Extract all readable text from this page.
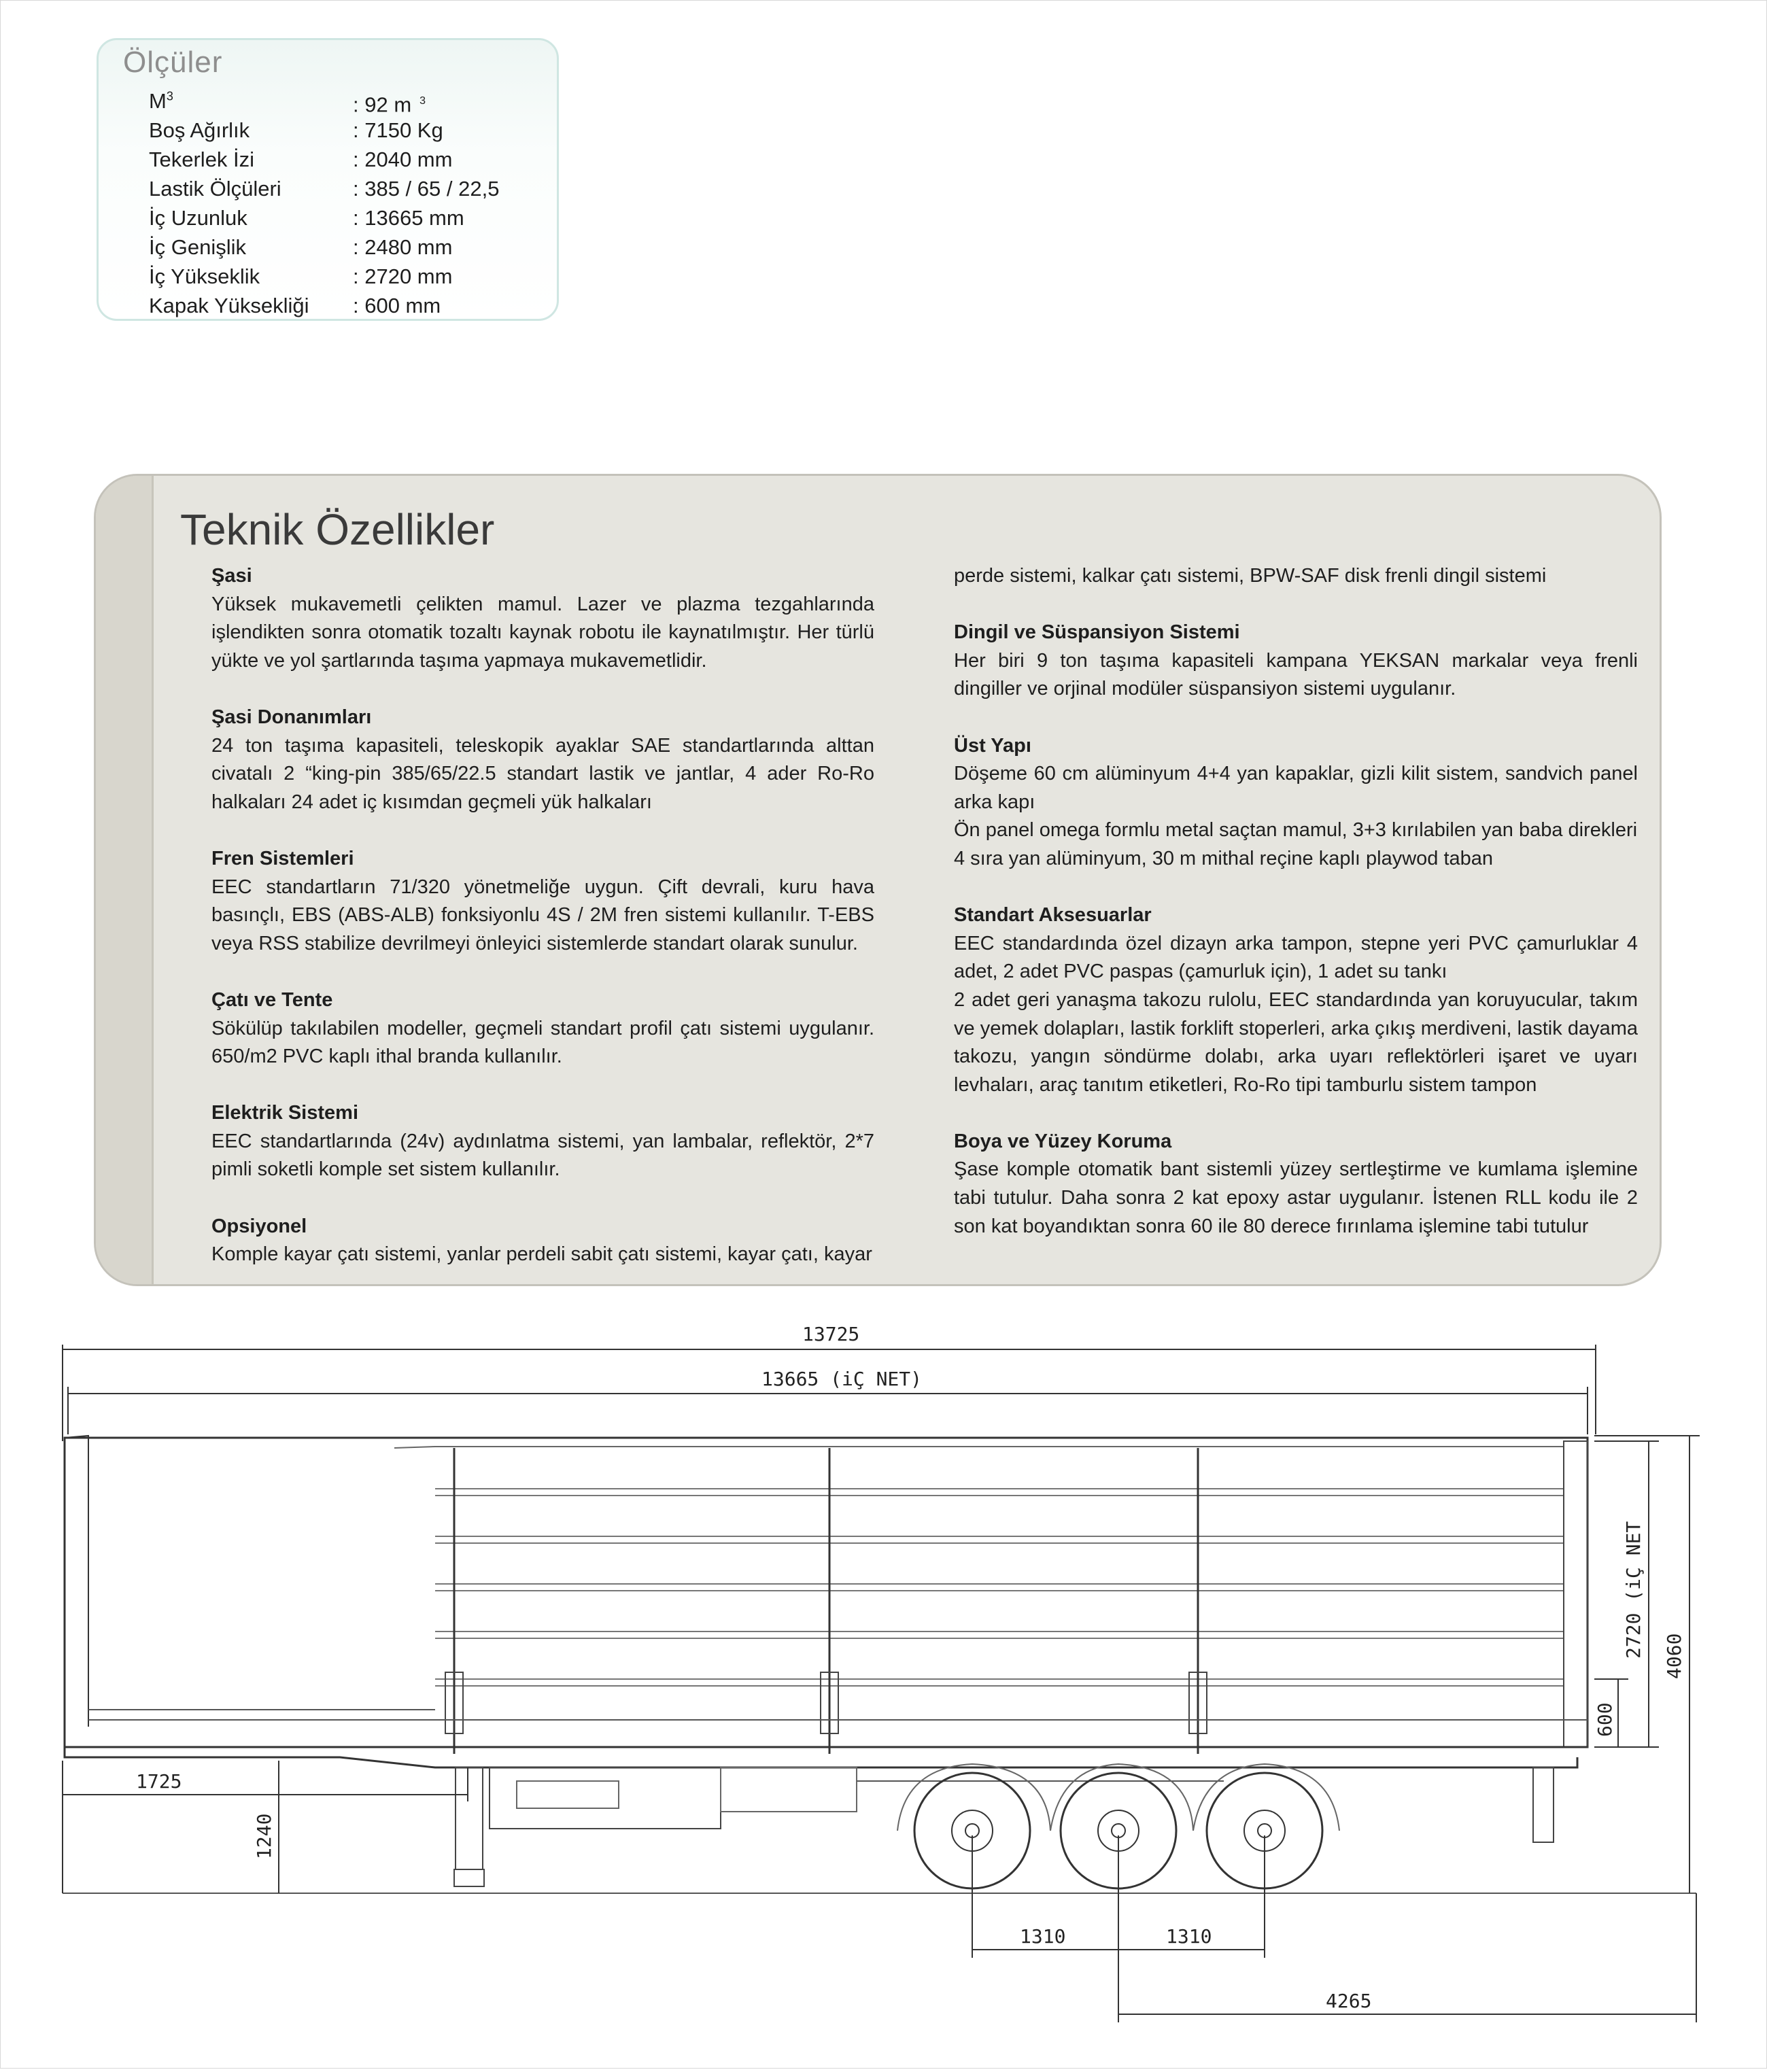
Ölçüler
$M^3$	: 92 m $^3$
Boş Ağırlık	: 7150 Kg
Tekerlek İzi	: 2040 mm
Lastik Ölçüleri	: 385 / 65 / 22,5
İç Uzunluk	: 13665 mm
İç Genişlik	: 2480 mm
İç Yükseklik	: 2720 mm
Kapak Yüksekliği : 600 mm
Teknik Özellikler
Şasi

Yüksek mukavemetli çelikten mamul. Lazer ve plazma tezgahlarında işlendikten sonra otomatik tozaltı kaynak robotu ile kaynatılmıştır. Her türlü yükte ve yol şartlarında taşıma yapmaya mukavemetlidir.

Şasi Donanımları

24 ton taşıma kapasiteli, teleskopik ayaklar SAE standartlarında alttan civatalı 2 “king-pin 385/65/22.5 standart lastik ve jantlar, 4 ader Ro-Ro halkaları 24 adet iç kısımdan geçmeli yük halkaları

Fren Sistemleri

EEC standartların 71/320 yönetmeliğe uygun. Çift devrali, kuru hava basınçlı, EBS (ABS-ALB) fonksiyonlu 4S / 2M fren sistemi kullanılır. T-EBS veya RSS stabilize devrilmeyi önleyici sistemlerde standart olarak sunulur.

Çatı ve Tente

Sökülüp takılabilen modeller, geçmeli standart profil çatı sistemi uygulanır. 650/m2 PVC kaplı ithal branda kullanılır.

Elektrik Sistemi

EEC standartlarında (24v) aydınlatma sistemi, yan lambalar, reflektör, 2*7 pimli soketli komple set sistem kullanılır.

Opsiyonel

Komple kayar çatı sistemi, yanlar perdeli sabit çatı sistemi, kayar çatı, kayar

perde sistemi, kalkar çatı sistemi, BPW-SAF disk frenli dingil sistemi

Dingil ve Süspansiyon Sistemi

Her biri 9 ton taşıma kapasiteli kampana YEKSAN markalar veya frenli dingiller ve orjinal modüler süspansiyon sistemi uygulanır.

Üst Yapı

Döşeme 60 cm alüminyum 4+4 yan kapaklar, gizli kilit sistem, sandvich panel arka kapı

Ön panel omega formlu metal saçtan mamul, 3+3 kırılabilen yan baba direkleri

4 sıra yan alüminyum, 30 m mithal reçine kaplı playwod taban

Standart Aksesuarlar

EEC standardında özel dizayn arka tampon, stepne yeri PVC çamurluklar 4 adet, 2 adet PVC paspas (çamurluk için), 1 adet su tankı

2 adet geri yanaşma takozu rulolu, EEC standardında yan koruyucular, takım ve yemek dolapları, lastik forklift stoperleri, arka çıkış merdiveni, lastik dayama takozu, yangın söndürme dolabı, arka uyarı reflektörleri işaret ve uyarı levhaları, araç tanıtım etiketleri, Ro-Ro tipi tamburlu sistem tampon

Boya ve Yüzey Koruma

Şase komple otomatik bant sistemli yüzey sertleştirme ve kumlama işlemine tabi tutulur. Daha sonra 2 kat epoxy astar uygulanır. İstenen RLL kodu ile 2 son kat boyandıktan sonra 60 ile 80 derece fırınlama işlemine tabi tutulur

13725
13665 (iÇ NET)
1725
1240
1310	1310
4265
2720 (iÇ NET
600
4060
